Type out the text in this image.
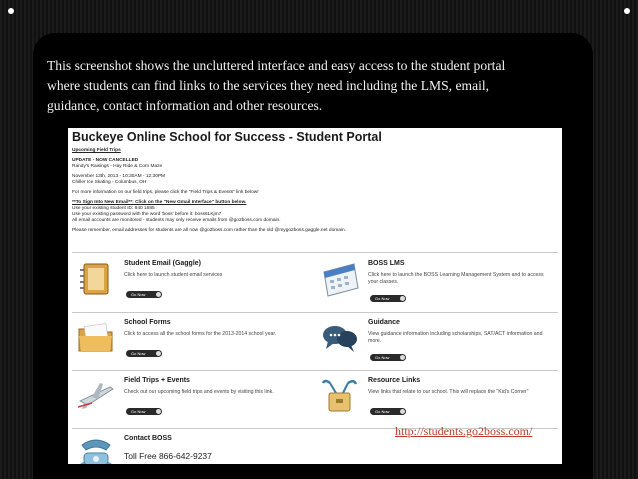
This screenshot shows the uncluttered interface and easy access to the student portal

where students can find links to the services they need including the LMS, email,

guidance, contact information and other resources.

Buckeye Online School for Success - Student Portal
Upcoming Field Trips
UPDATE - NOW CANCELLED
Randy's Raisings - Hay Ride & Corn Maze
November 13th, 2013 - 10:30AM - 12:30PM
Chiller Ice Skating - Columbus, OH
For more information on our field trips, please click the "Field Trips & Events" link below!
**To Sign Into New Email**: Click on the "New Gmail Interface" button below.
Use your existing student ID: 840 1685
Use your existing password with the word 'boss' before it: boss6LKjm7
All email accounts are monitored - students may only receive emails from @go2boss.com domain.
Please remember, email addresses for students are all now @go2boss.com rather than the old @mygo2boss.gaggle.net domain.
Student Email (Gaggle)
Click here to launch student email services
Go Now
BOSS LMS
Click here to launch the BOSS Learning Management System and to access your classes.
Go Now
School Forms
Click to access all the school forms for the 2013-2014 school year.
Go Now
Guidance
View guidance information including scholarships, SAT/ACT information and more.
Go Now
Field Trips + Events
Check out our upcoming field trips and events by visiting this link.
Go Now
Resource Links
View links that relate to our school. This will replace the "Kid's Corner"
Go Now
Contact BOSS
Toll Free 866-642-9237
http://students.go2boss.com/
